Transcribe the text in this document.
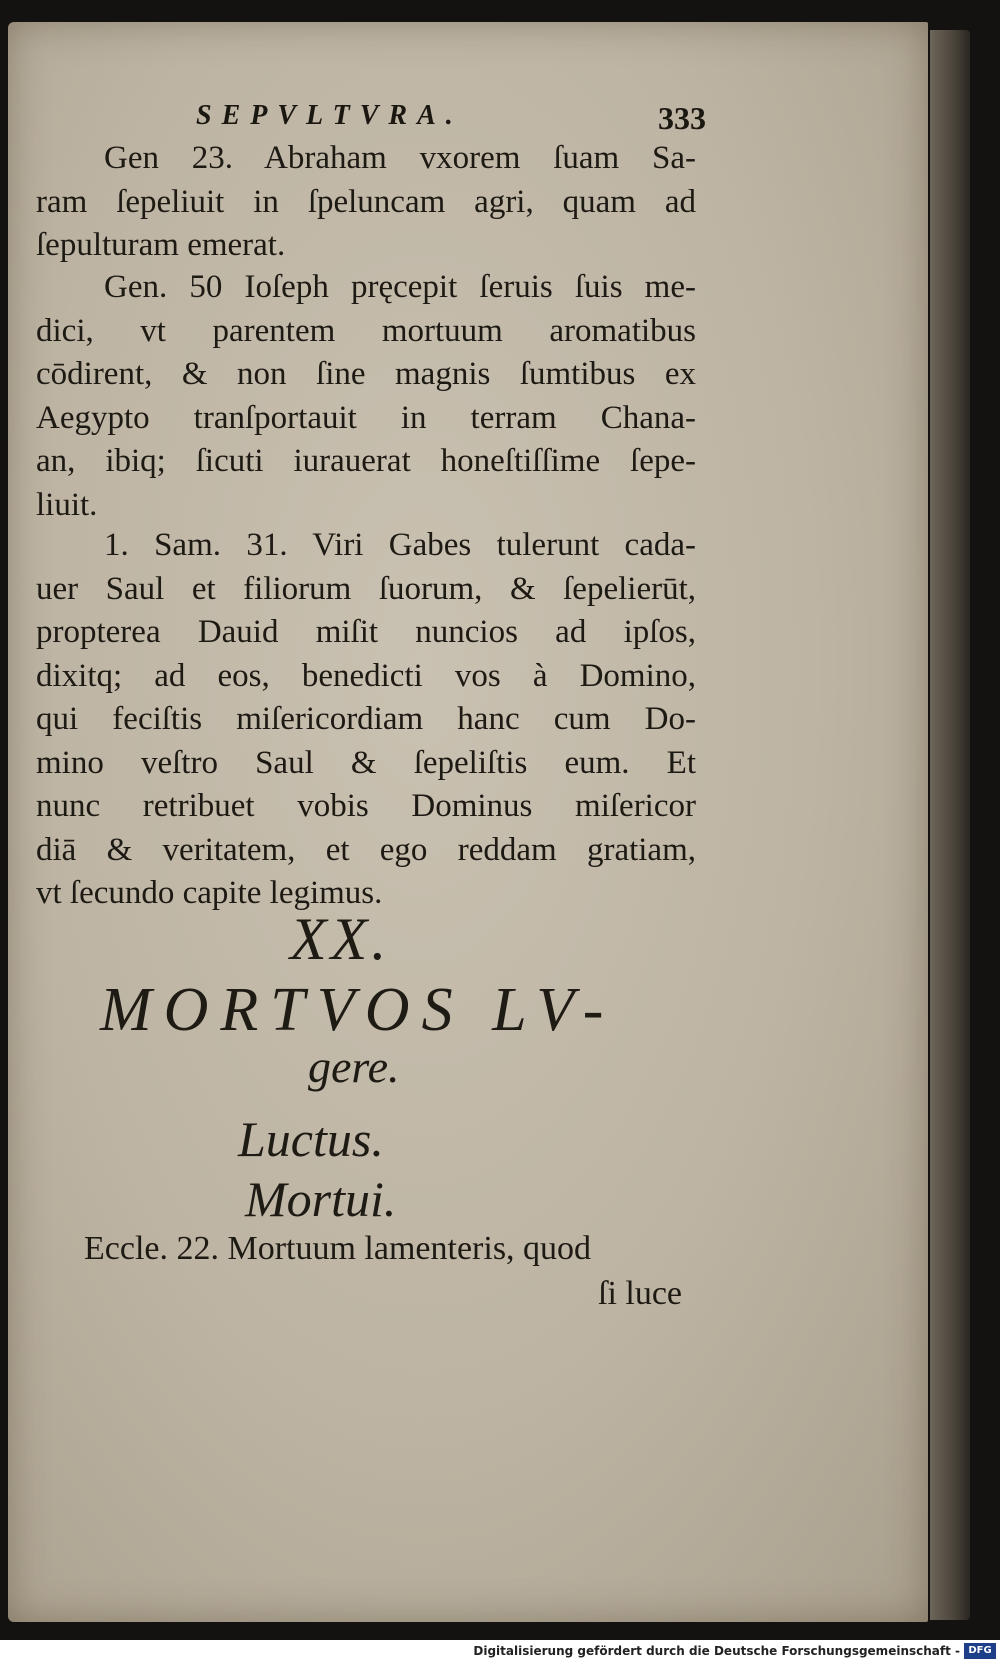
SEPVLTVRA.	333
Gen 23. Abraham vxorem ſuam Sa-
ram ſepeliuit in ſpeluncam agri, quam ad
ſepulturam emerat.
Gen. 50 Ioſeph pręcepit ſeruis ſuis me-
dici, vt parentem mortuum aromatibus
cōdirent, & non ſine magnis ſumtibus ex
Aegypto tranſportauit in terram Chana-
an, ibiq; ſicuti iurauerat honeſtiſſime ſepe-
liuit.
1. Sam. 31. Viri Gabes tulerunt cada-
uer Saul et filiorum ſuorum, & ſepelierūt,
propterea Dauid miſit nuncios ad ipſos,
dixitq; ad eos, benedicti vos à Domino,
qui feciſtis miſericordiam hanc cum Do-
mino veſtro Saul & ſepeliſtis eum. Et
nunc retribuet vobis Dominus miſericor
diā & veritatem, et ego reddam gratiam,
vt ſecundo capite legimus.
XX.
MORTVOS LV-
gere.
Luctus.
Mortui.
Eccle. 22. Mortuum lamenteris, quod
ſi luce
Digitalisierung gefördert durch die Deutsche Forschungsgemeinschaft - DFG
